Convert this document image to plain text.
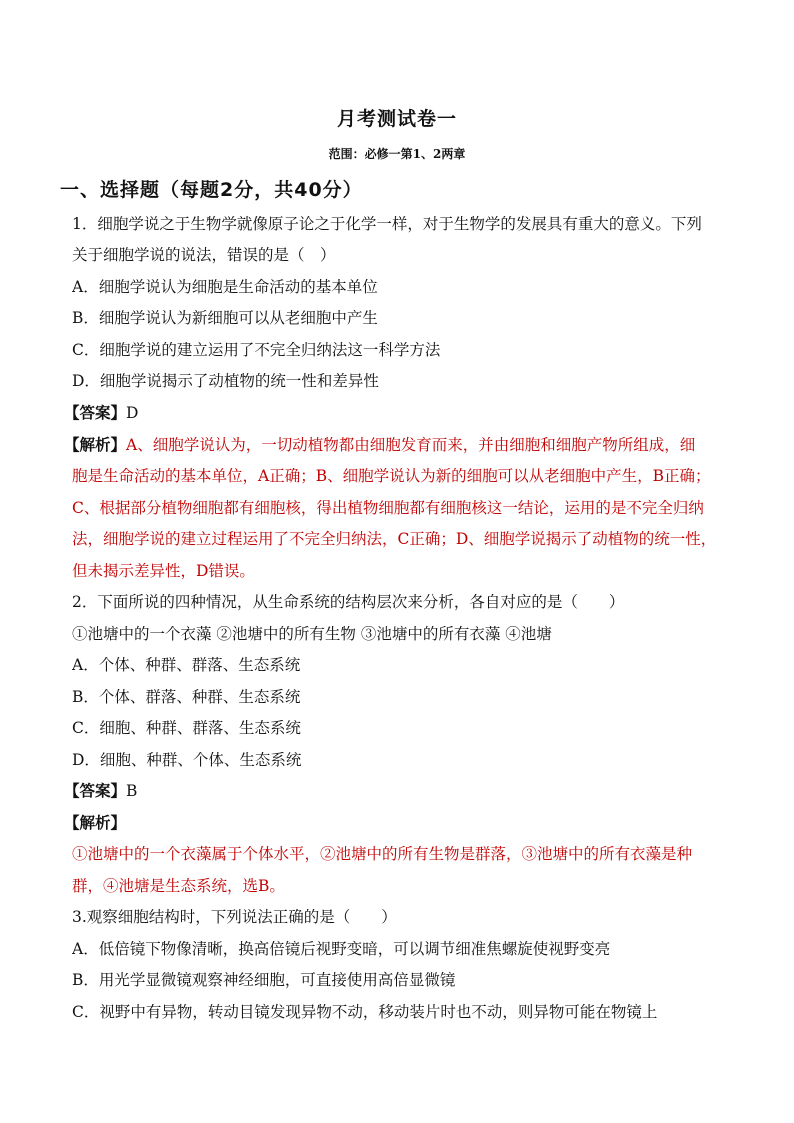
月考测试卷一
范围：必修一第1、2两章
一、选择题（每题2分，共40分）
1．细胞学说之于生物学就像原子论之于化学一样，对于生物学的发展具有重大的意义。下列
关于细胞学说的说法，错误的是（　）
A．细胞学说认为细胞是生命活动的基本单位
B．细胞学说认为新细胞可以从老细胞中产生
C．细胞学说的建立运用了不完全归纳法这一科学方法
D．细胞学说揭示了动植物的统一性和差异性
【答案】D
【解析】A、细胞学说认为，一切动植物都由细胞发育而来，并由细胞和细胞产物所组成，细
胞是生命活动的基本单位，A正确；B、细胞学说认为新的细胞可以从老细胞中产生，B正确；
C、根据部分植物细胞都有细胞核，得出植物细胞都有细胞核这一结论，运用的是不完全归纳
法，细胞学说的建立过程运用了不完全归纳法，C正确；D、细胞学说揭示了动植物的统一性，
但未揭示差异性，D错误。
2．下面所说的四种情况，从生命系统的结构层次来分析，各自对应的是（　　）
①池塘中的一个衣藻 ②池塘中的所有生物 ③池塘中的所有衣藻 ④池塘
A．个体、种群、群落、生态系统
B．个体、群落、种群、生态系统
C．细胞、种群、群落、生态系统
D．细胞、种群、个体、生态系统
【答案】B
【解析】
①池塘中的一个衣藻属于个体水平，②池塘中的所有生物是群落，③池塘中的所有衣藻是种
群，④池塘是生态系统，选B。
3.观察细胞结构时，下列说法正确的是（　　）
A．低倍镜下物像清晰，换高倍镜后视野变暗，可以调节细准焦螺旋使视野变亮
B．用光学显微镜观察神经细胞，可直接使用高倍显微镜
C．视野中有异物，转动目镜发现异物不动，移动装片时也不动，则异物可能在物镜上
